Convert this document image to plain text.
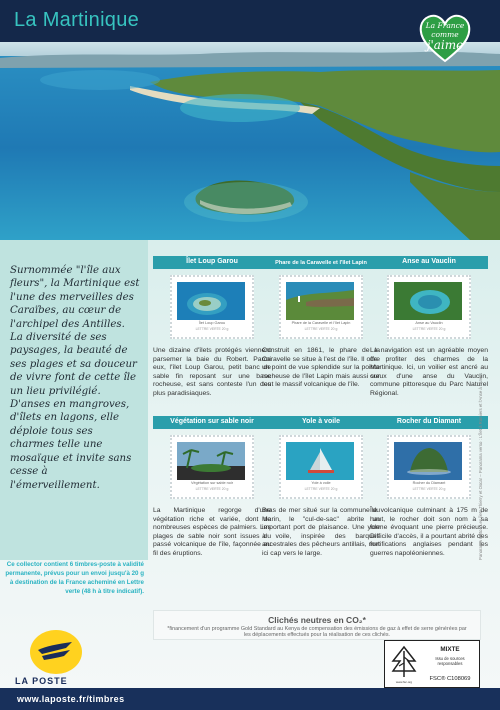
La Martinique	La France
comme
j'aime
Surnommée "l'île aux fleurs", la Martinique est l'une des merveilles des Caraïbes, au cœur de l'archipel des Antilles. La diversité de ses paysages, la beauté de ses plages et sa douceur de vivre font de cette île un lieu privilégié. D'anses en mangroves, d'îlets en lagons, elle déploie tous ses charmes telle une mosaïque et invite sans cesse à l'émerveillement.
Ce collector contient 6 timbres-poste à validité permanente, prévus pour un envoi jusqu'à 20 g à destination de la France acheminé en Lettre verte (48 h à titre indicatif).
Îlet Loup Garou
Îlet Loup Garou
LETTRE VERTE 20 g
Une dizaine d'îlets protégés viennent parsemer la baie du Robert. Parmi eux, l'îlet Loup Garou, petit banc de sable fin reposant sur une base rocheuse, est sans conteste l'un des plus paradisiaques.
Phare de la Caravelle et l'îlet Lapin
Phare de la Caravelle et l'îlet Lapin
LETTRE VERTE 20 g
Construit en 1861, le phare de la Caravelle se situe à l'est de l'île. Il offre un point de vue splendide sur la pointe rocheuse de l'îlet Lapin mais aussi sur tout le massif volcanique de l'île.
Anse au Vauclin
Anse au Vauclin
LETTRE VERTE 20 g
La navigation est un agréable moyen de profiter des charmes de la Martinique. Ici, un voilier est ancré au creux d'une anse du Vauclin, commune pittoresque du Parc Naturel Régional.
Végétation sur sable noir
Végétation sur sable noir
LETTRE VERTE 20 g
La Martinique regorge d'une végétation riche et variée, dont de nombreuses espèces de palmiers. Les plages de sable noir sont issues du passé volcanique de l'île, façonnée au fil des éruptions.
Yole à voile
Yole à voile
LETTRE VERTE 20 g
Bras de mer situé sur la commune du Marin, le "cul-de-sac" abrite un important port de plaisance. Une yole à voile, inspirée des barques ancestrales des pêcheurs antillais, met ici cap vers le large.
Rocher du Diamant
Rocher du Diamant
LETTRE VERTE 20 g
Île volcanique culminant à 175 m de haut, le rocher doit son nom à sa forme évoquant une pierre précieuse. Difficile d'accès, il a pourtant abrité des fortifications anglaises pendant les guerres napoléoniennes.	Panorama recto : Les îlets Thierry et Oscar – Panorama verso : L'îlet à Ramiers et l'Anse à l'Âne
Clichés neutres en CO₂*
*financement d'un programme Gold Standard au Kenya de compensation des émissions de gaz à effet de serre générées par les déplacements effectués pour la réalisation de ces clichés.
LA POSTE	www.fsc.org
MIXTE
Issu de sources responsables
FSC® C108069
www.laposte.fr/timbres
